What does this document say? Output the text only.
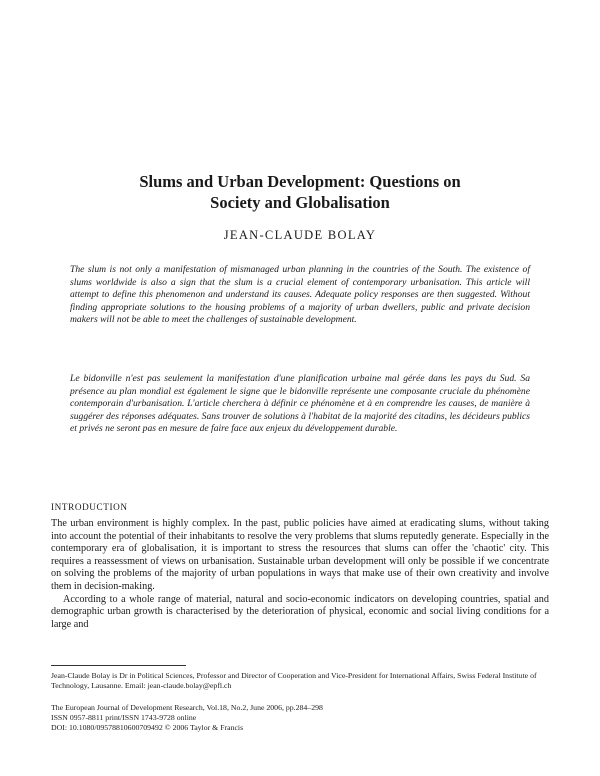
Slums and Urban Development: Questions on
Society and Globalisation
JEAN-CLAUDE BOLAY

The slum is not only a manifestation of mismanaged urban planning in the countries of the South. The existence of slums worldwide is also a sign that the slum is a crucial element of contemporary urbanisation. This article will attempt to define this phenomenon and understand its causes. Adequate policy responses are then suggested. Without finding appropriate solutions to the housing problems of a majority of urban dwellers, public and private decision makers will not be able to meet the challenges of sustainable development.

Le bidonville n'est pas seulement la manifestation d'une planification urbaine mal gérée dans les pays du Sud. Sa présence au plan mondial est également le signe que le bidonville représente une composante cruciale du phénomène contemporain d'urbanisation. L'article cherchera à définir ce phénomène et à en comprendre les causes, de manière à suggérer des réponses adéquates. Sans trouver de solutions à l'habitat de la majorité des citadins, les décideurs publics et privés ne seront pas en mesure de faire face aux enjeux du développement durable.

INTRODUCTION

The urban environment is highly complex. In the past, public policies have aimed at eradicating slums, without taking into account the potential of their inhabitants to resolve the very problems that slums reputedly generate. Especially in the contemporary era of globalisation, it is important to stress the resources that slums can offer the 'chaotic' city. This requires a reassessment of views on urbanisation. Sustainable urban development will only be possible if we concentrate on solving the problems of the majority of urban populations in ways that make use of their own creativity and involve them in decision-making.

According to a whole range of material, natural and socio-economic indicators on developing countries, spatial and demographic urban growth is characterised by the deterioration of physical, economic and social living conditions for a large and

Jean-Claude Bolay is Dr in Political Sciences, Professor and Director of Cooperation and Vice-President for International Affairs, Swiss Federal Institute of Technology, Lausanne. Email: jean-claude.bolay@epfl.ch

The European Journal of Development Research, Vol.18, No.2, June 2006, pp.284–298
ISSN 0957-8811 print/ISSN 1743-9728 online
DOI: 10.1080/09578810600709492 © 2006 Taylor & Francis
